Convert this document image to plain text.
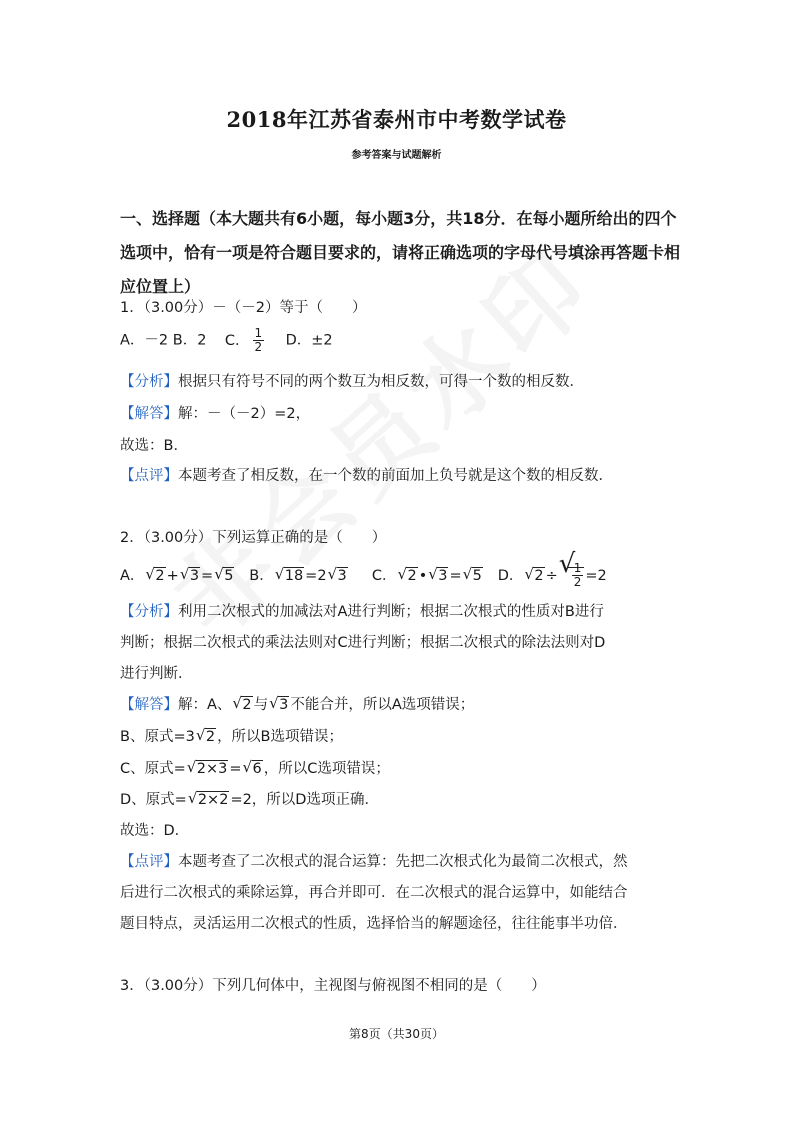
2018年江苏省泰州市中考数学试卷
参考答案与试题解析
一、选择题（本大题共有6小题，每小题3分，共18分．在每小题所给出的四个选项中，恰有一项是符合题目要求的，请将正确选项的字母代号填涂再答题卡相应位置上）
1．（3.00分）－（－2）等于（　　）
A．－2 B．2 C． $\frac{1}{2}$ D．±2
【分析】根据只有符号不同的两个数互为相反数，可得一个数的相反数．
【解答】解：－（－2）=2，
故选：B．
【点评】本题考查了相反数，在一个数的前面加上负号就是这个数的相反数．
2．（3.00分）下列运算正确的是（　　）
A． √ 2 + √ 3 = √ 5 B． √ 18 =2 √ 3 C． √ 2 • √ 3 = √ 5 D． √ 2 ÷ √
$\frac{1}{2} =2$
【分析】利用二次根式的加减法对A进行判断；根据二次根式的性质对B进行
判断；根据二次根式的乘法法则对C进行判断；根据二次根式的除法法则对D
进行判断．
【解答】解：A、 √ 2 与 √ 3 不能合并，所以A选项错误；
B、原式=3 √ 2 ，所以B选项错误；
C、原式= √ 2×3 = √ 6 ，所以C选项错误；
D、原式= √ 2×2 =2，所以D选项正确．
故选：D．
【点评】本题考查了二次根式的混合运算：先把二次根式化为最简二次根式，然
后进行二次根式的乘除运算，再合并即可．在二次根式的混合运算中，如能结合
题目特点，灵活运用二次根式的性质，选择恰当的解题途径，往往能事半功倍．
3．（3.00分）下列几何体中，主视图与俯视图不相同的是（　　）
第8页（共30页）
